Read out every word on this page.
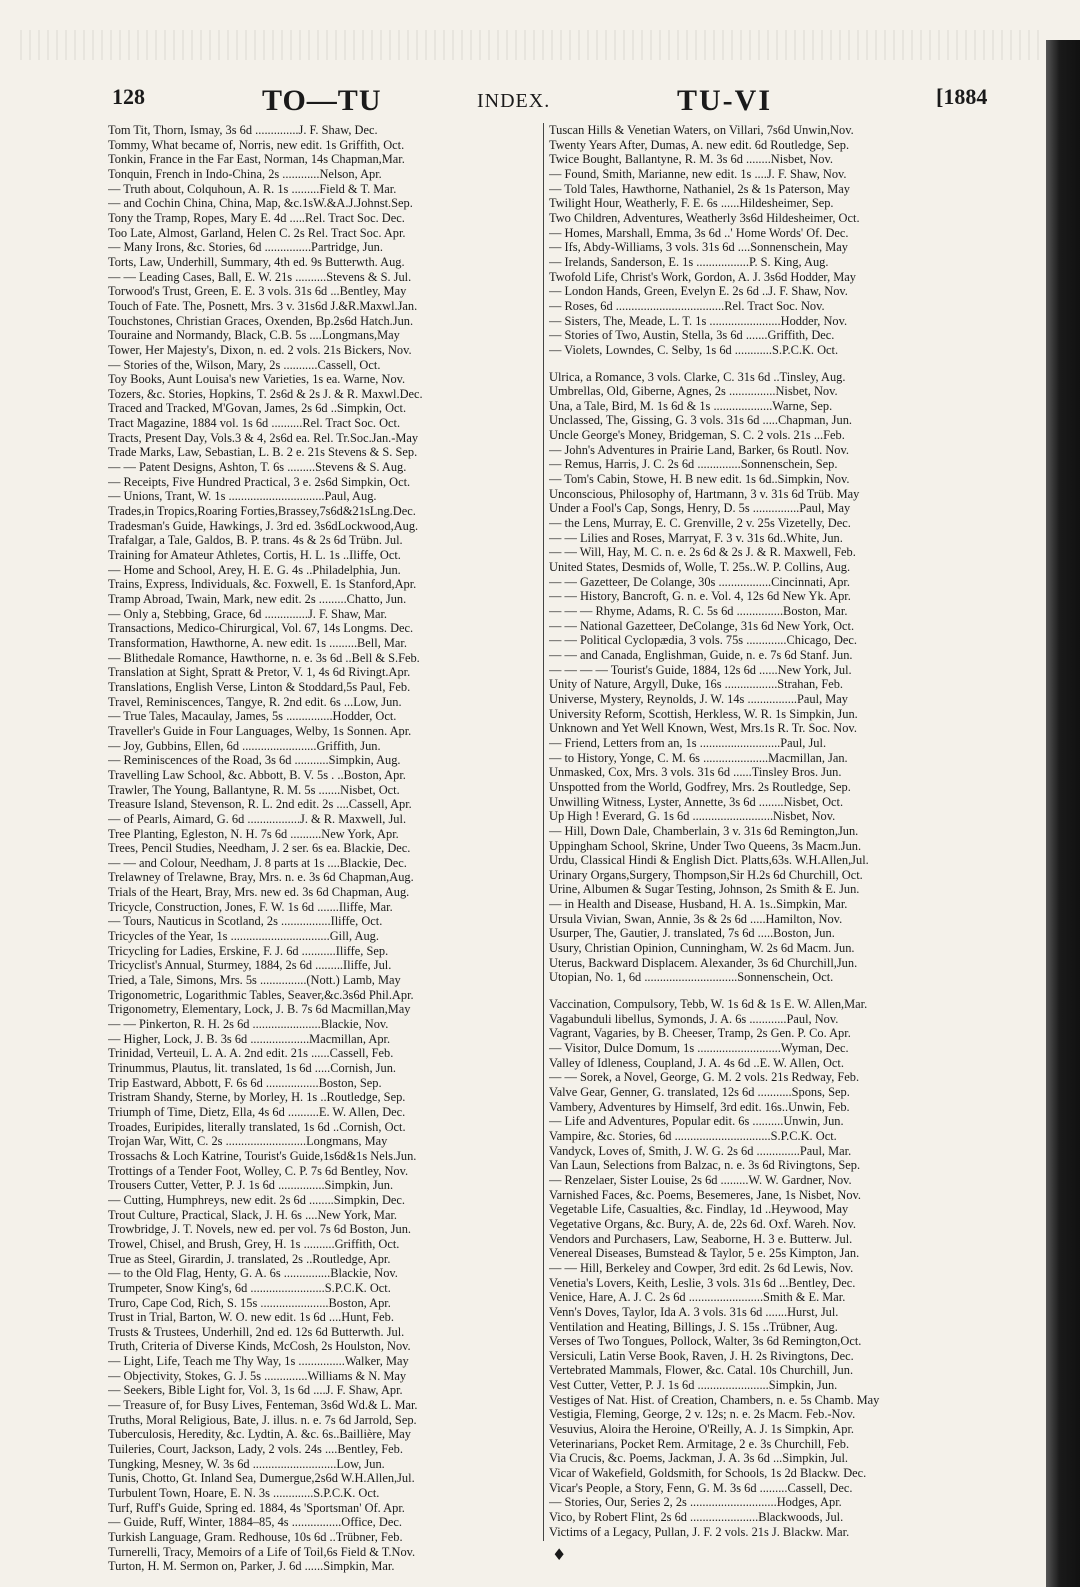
128	TO—TU	INDEX.	TU-VI	[1884
Tom Tit, Thorn, Ismay, 3s 6d ..............J. F. Shaw, Dec.
Tommy, What became of, Norris, new edit. 1s Griffith, Oct.
Tonkin, France in the Far East, Norman, 14s Chapman,Mar.
Tonquin, French in Indo-China, 2s ............Nelson, Apr.
— Truth about, Colquhoun, A. R. 1s .........Field & T. Mar.
— and Cochin China, China, Map, &c.1sW.&A.J.Johnst.Sep.
Tony the Tramp, Ropes, Mary E. 4d .....Rel. Tract Soc. Dec.
Too Late, Almost, Garland, Helen C. 2s Rel. Tract Soc. Apr.
— Many Irons, &c. Stories, 6d ...............Partridge, Jun.
Torts, Law, Underhill, Summary, 4th ed. 9s Butterwth. Aug.
— — Leading Cases, Ball, E. W. 21s ..........Stevens & S. Jul.
Torwood's Trust, Green, E. E. 3 vols. 31s 6d ...Bentley, May
Touch of Fate. The, Posnett, Mrs. 3 v. 31s6d J.&R.Maxwl.Jan.
Touchstones, Christian Graces, Oxenden, Bp.2s6d Hatch.Jun.
Touraine and Normandy, Black, C.B. 5s ....Longmans,May
Tower, Her Majesty's, Dixon, n. ed. 2 vols. 21s Bickers, Nov.
— Stories of the, Wilson, Mary, 2s ...........Cassell, Oct.
Toy Books, Aunt Louisa's new Varieties, 1s ea. Warne, Nov.
Tozers, &c. Stories, Hopkins, T. 2s6d & 2s J. & R. Maxwl.Dec.
Traced and Tracked, M'Govan, James, 2s 6d ..Simpkin, Oct.
Tract Magazine, 1884 vol. 1s 6d ..........Rel. Tract Soc. Oct.
Tracts, Present Day, Vols.3 & 4, 2s6d ea. Rel. Tr.Soc.Jan.-May
Trade Marks, Law, Sebastian, L. B. 2 e. 21s Stevens & S. Sep.
— — Patent Designs, Ashton, T. 6s .........Stevens & S. Aug.
— Receipts, Five Hundred Practical, 3 e. 2s6d Simpkin, Oct.
— Unions, Trant, W. 1s ...............................Paul, Aug.
Trades,in Tropics,Roaring Forties,Brassey,7s6d&21sLng.Dec.
Tradesman's Guide, Hawkings, J. 3rd ed. 3s6dLockwood,Aug.
Trafalgar, a Tale, Galdos, B. P. trans. 4s & 2s 6d Trübn. Jul.
Training for Amateur Athletes, Cortis, H. L. 1s ..Iliffe, Oct.
— Home and School, Arey, H. E. G. 4s ..Philadelphia, Jun.
Trains, Express, Individuals, &c. Foxwell, E. 1s Stanford,Apr.
Tramp Abroad, Twain, Mark, new edit. 2s .........Chatto, Jun.
— Only a, Stebbing, Grace, 6d ..............J. F. Shaw, Mar.
Transactions, Medico-Chirurgical, Vol. 67, 14s Longms. Dec.
Transformation, Hawthorne, A. new edit. 1s .........Bell, Mar.
— Blithedale Romance, Hawthorne, n. e. 3s 6d ..Bell & S.Feb.
Translation at Sight, Spratt & Pretor, V. 1, 4s 6d Rivingt.Apr.
Translations, English Verse, Linton & Stoddard,5s Paul, Feb.
Travel, Reminiscences, Tangye, R. 2nd edit. 6s ...Low, Jun.
— True Tales, Macaulay, James, 5s ...............Hodder, Oct.
Traveller's Guide in Four Languages, Welby, 1s Sonnen. Apr.
— Joy, Gubbins, Ellen, 6d ........................Griffith, Jun.
— Reminiscences of the Road, 3s 6d ...........Simpkin, Aug.
Travelling Law School, &c. Abbott, B. V. 5s . ..Boston, Apr.
Trawler, The Young, Ballantyne, R. M. 5s .......Nisbet, Oct.
Treasure Island, Stevenson, R. L. 2nd edit. 2s ....Cassell, Apr.
— of Pearls, Aimard, G. 6d .................J. & R. Maxwell, Jul.
Tree Planting, Egleston, N. H. 7s 6d ..........New York, Apr.
Trees, Pencil Studies, Needham, J. 2 ser. 6s ea. Blackie, Dec.
— — and Colour, Needham, J. 8 parts at 1s ....Blackie, Dec.
Trelawney of Trelawne, Bray, Mrs. n. e. 3s 6d Chapman,Aug.
Trials of the Heart, Bray, Mrs. new ed. 3s 6d Chapman, Aug.
Tricycle, Construction, Jones, F. W. 1s 6d .......Iliffe, Mar.
— Tours, Nauticus in Scotland, 2s ................Iliffe, Oct.
Tricycles of the Year, 1s ................................Gill, Aug.
Tricycling for Ladies, Erskine, F. J. 6d ...........Iliffe, Sep.
Tricyclist's Annual, Sturmey, 1884, 2s 6d .........Iliffe, Jul.
Tried, a Tale, Simons, Mrs. 5s ...............(Nott.) Lamb, May
Trigonometric, Logarithmic Tables, Seaver,&c.3s6d Phil.Apr.
Trigonometry, Elementary, Lock, J. B. 7s 6d Macmillan,May
— — Pinkerton, R. H. 2s 6d ......................Blackie, Nov.
— Higher, Lock, J. B. 3s 6d ...................Macmillan, Apr.
Trinidad, Verteuil, L. A. A. 2nd edit. 21s ......Cassell, Feb.
Trinummus, Plautus, lit. translated, 1s 6d .....Cornish, Jun.
Trip Eastward, Abbott, F. 6s 6d .................Boston, Sep.
Tristram Shandy, Sterne, by Morley, H. 1s ..Routledge, Sep.
Triumph of Time, Dietz, Ella, 4s 6d ..........E. W. Allen, Dec.
Troades, Euripides, literally translated, 1s 6d ..Cornish, Oct.
Trojan War, Witt, C. 2s ..........................Longmans, May
Trossachs & Loch Katrine, Tourist's Guide,1s6d&1s Nels.Jun.
Trottings of a Tender Foot, Wolley, C. P. 7s 6d Bentley, Nov.
Trousers Cutter, Vetter, P. J. 1s 6d ...............Simpkin, Jun.
— Cutting, Humphreys, new edit. 2s 6d ........Simpkin, Dec.
Trout Culture, Practical, Slack, J. H. 6s ....New York, Mar.
Trowbridge, J. T. Novels, new ed. per vol. 7s 6d Boston, Jun.
Trowel, Chisel, and Brush, Grey, H. 1s ..........Griffith, Oct.
True as Steel, Girardin, J. translated, 2s ..Routledge, Apr.
— to the Old Flag, Henty, G. A. 6s ...............Blackie, Nov.
Trumpeter, Snow King's, 6d ........................S.P.C.K. Oct.
Truro, Cape Cod, Rich, S. 15s ......................Boston, Apr.
Trust in Trial, Barton, W. O. new edit. 1s 6d ....Hunt, Feb.
Trusts & Trustees, Underhill, 2nd ed. 12s 6d Butterwth. Jul.
Truth, Criteria of Diverse Kinds, McCosh, 2s Houlston, Nov.
— Light, Life, Teach me Thy Way, 1s ...............Walker, May
— Objectivity, Stokes, G. J. 5s ..............Williams & N. May
— Seekers, Bible Light for, Vol. 3, 1s 6d ....J. F. Shaw, Apr.
— Treasure of, for Busy Lives, Fenteman, 3s6d Wd.& L. Mar.
Truths, Moral Religious, Bate, J. illus. n. e. 7s 6d Jarrold, Sep.
Tuberculosis, Heredity, &c. Lydtin, A. &c. 6s..Baillière, May
Tuileries, Court, Jackson, Lady, 2 vols. 24s ....Bentley, Feb.
Tungking, Mesney, W. 3s 6d ...........................Low, Jun.
Tunis, Chotto, Gt. Inland Sea, Dumergue,2s6d W.H.Allen,Jul.
Turbulent Town, Hoare, E. N. 3s .............S.P.C.K. Oct.
Turf, Ruff's Guide, Spring ed. 1884, 4s 'Sportsman' Of. Apr.
— Guide, Ruff, Winter, 1884–85, 4s ................Office, Dec.
Turkish Language, Gram. Redhouse, 10s 6d ..Trübner, Feb.
Turnerelli, Tracy, Memoirs of a Life of Toil,6s Field & T.Nov.
Turton, H. M. Sermon on, Parker, J. 6d ......Simpkin, Mar.
Tuscan Hills & Venetian Waters, on Villari, 7s6d Unwin,Nov.
Twenty Years After, Dumas, A. new edit. 6d Routledge, Sep.
Twice Bought, Ballantyne, R. M. 3s 6d ........Nisbet, Nov.
— Found, Smith, Marianne, new edit. 1s ....J. F. Shaw, Nov.
— Told Tales, Hawthorne, Nathaniel, 2s & 1s Paterson, May
Twilight Hour, Weatherly, F. E. 6s ......Hildesheimer, Sep.
Two Children, Adventures, Weatherly 3s6d Hildesheimer, Oct.
— Homes, Marshall, Emma, 3s 6d ..' Home Words' Of. Dec.
— Ifs, Abdy-Williams, 3 vols. 31s 6d ....Sonnenschein, May
— Irelands, Sanderson, E. 1s .................P. S. King, Aug.
Twofold Life, Christ's Work, Gordon, A. J. 3s6d Hodder, May
— London Hands, Green, Evelyn E. 2s 6d ..J. F. Shaw, Nov.
— Roses, 6d ...................................Rel. Tract Soc. Nov.
— Sisters, The, Meade, L. T. 1s .......................Hodder, Nov.
— Stories of Two, Austin, Stella, 3s 6d .......Griffith, Dec.
— Violets, Lowndes, C. Selby, 1s 6d ............S.P.C.K. Oct.
Ulrica, a Romance, 3 vols. Clarke, C. 31s 6d ..Tinsley, Aug.
Umbrellas, Old, Giberne, Agnes, 2s ...............Nisbet, Nov.
Una, a Tale, Bird, M. 1s 6d & 1s ...................Warne, Sep.
Unclassed, The, Gissing, G. 3 vols. 31s 6d .....Chapman, Jun.
Uncle George's Money, Bridgeman, S. C. 2 vols. 21s ...Feb.
— John's Adventures in Prairie Land, Barker, 6s Routl. Nov.
— Remus, Harris, J. C. 2s 6d ..............Sonnenschein, Sep.
— Tom's Cabin, Stowe, H. B new edit. 1s 6d..Simpkin, Nov.
Unconscious, Philosophy of, Hartmann, 3 v. 31s 6d Trüb. May
Under a Fool's Cap, Songs, Henry, D. 5s ...............Paul, May
— the Lens, Murray, E. C. Grenville, 2 v. 25s Vizetelly, Dec.
— — Lilies and Roses, Marryat, F. 3 v. 31s 6d..White, Jun.
— — Will, Hay, M. C. n. e. 2s 6d & 2s J. & R. Maxwell, Feb.
United States, Desmids of, Wolle, T. 25s..W. P. Collins, Aug.
— — Gazetteer, De Colange, 30s .................Cincinnati, Apr.
— — History, Bancroft, G. n. e. Vol. 4, 12s 6d New Yk. Apr.
— — — Rhyme, Adams, R. C. 5s 6d ...............Boston, Mar.
— — National Gazetteer, DeColange, 31s 6d New York, Oct.
— — Political Cyclopædia, 3 vols. 75s .............Chicago, Dec.
— — and Canada, Englishman, Guide, n. e. 7s 6d Stanf. Jun.
— — — — Tourist's Guide, 1884, 12s 6d ......New York, Jul.
Unity of Nature, Argyll, Duke, 16s .................Strahan, Feb.
Universe, Mystery, Reynolds, J. W. 14s ................Paul, May
University Reform, Scottish, Herkless, W. R. 1s Simpkin, Jun.
Unknown and Yet Well Known, West, Mrs.1s R. Tr. Soc. Nov.
— Friend, Letters from an, 1s ..........................Paul, Jul.
— to History, Yonge, C. M. 6s .....................Macmillan, Jan.
Unmasked, Cox, Mrs. 3 vols. 31s 6d ......Tinsley Bros. Jun.
Unspotted from the World, Godfrey, Mrs. 2s Routledge, Sep.
Unwilling Witness, Lyster, Annette, 3s 6d ........Nisbet, Oct.
Up High ! Everard, G. 1s 6d ..........................Nisbet, Nov.
— Hill, Down Dale, Chamberlain, 3 v. 31s 6d Remington,Jun.
Uppingham School, Skrine, Under Two Queens, 3s Macm.Jun.
Urdu, Classical Hindi & English Dict. Platts,63s. W.H.Allen,Jul.
Urinary Organs,Surgery, Thompson,Sir H.2s 6d Churchill, Oct.
Urine, Albumen & Sugar Testing, Johnson, 2s Smith & E. Jun.
— in Health and Disease, Husband, H. A. 1s..Simpkin, Mar.
Ursula Vivian, Swan, Annie, 3s & 2s 6d .....Hamilton, Nov.
Usurper, The, Gautier, J. translated, 7s 6d .....Boston, Jun.
Usury, Christian Opinion, Cunningham, W. 2s 6d Macm. Jun.
Uterus, Backward Displacem. Alexander, 3s 6d Churchill,Jun.
Utopian, No. 1, 6d ..............................Sonnenschein, Oct.
Vaccination, Compulsory, Tebb, W. 1s 6d & 1s E. W. Allen,Mar.
Vagabunduli libellus, Symonds, J. A. 6s ............Paul, Nov.
Vagrant, Vagaries, by B. Cheeser, Tramp, 2s Gen. P. Co. Apr.
— Visitor, Dulce Domum, 1s ...........................Wyman, Dec.
Valley of Idleness, Coupland, J. A. 4s 6d ..E. W. Allen, Oct.
— — Sorek, a Novel, George, G. M. 2 vols. 21s Redway, Feb.
Valve Gear, Genner, G. translated, 12s 6d ...........Spons, Sep.
Vambery, Adventures by Himself, 3rd edit. 16s..Unwin, Feb.
— Life and Adventures, Popular edit. 6s ..........Unwin, Jun.
Vampire, &c. Stories, 6d ...............................S.P.C.K. Oct.
Vandyck, Loves of, Smith, J. W. G. 2s 6d ..............Paul, Mar.
Van Laun, Selections from Balzac, n. e. 3s 6d Rivingtons, Sep.
— Renzelaer, Sister Louise, 2s 6d .........W. W. Gardner, Nov.
Varnished Faces, &c. Poems, Besemeres, Jane, 1s Nisbet, Nov.
Vegetable Life, Casualties, &c. Findlay, 1d ..Heywood, May
Vegetative Organs, &c. Bury, A. de, 22s 6d. Oxf. Wareh. Nov.
Vendors and Purchasers, Law, Seaborne, H. 3 e. Butterw. Jul.
Venereal Diseases, Bumstead & Taylor, 5 e. 25s Kimpton, Jan.
— — Hill, Berkeley and Cowper, 3rd edit. 2s 6d Lewis, Nov.
Venetia's Lovers, Keith, Leslie, 3 vols. 31s 6d ...Bentley, Dec.
Venice, Hare, A. J. C. 2s 6d ........................Smith & E. Mar.
Venn's Doves, Taylor, Ida A. 3 vols. 31s 6d .......Hurst, Jul.
Ventilation and Heating, Billings, J. S. 15s ..Trübner, Aug.
Verses of Two Tongues, Pollock, Walter, 3s 6d Remington,Oct.
Versiculi, Latin Verse Book, Raven, J. H. 2s Rivingtons, Dec.
Vertebrated Mammals, Flower, &c. Catal. 10s Churchill, Jun.
Vest Cutter, Vetter, P. J. 1s 6d .......................Simpkin, Jun.
Vestiges of Nat. Hist. of Creation, Chambers, n. e. 5s Chamb. May
Vestigia, Fleming, George, 2 v. 12s; n. e. 2s Macm. Feb.-Nov.
Vesuvius, Aloira the Heroine, O'Reilly, A. J. 1s Simpkin, Apr.
Veterinarians, Pocket Rem. Armitage, 2 e. 3s Churchill, Feb.
Via Crucis, &c. Poems, Jackman, J. A. 3s 6d ...Simpkin, Jul.
Vicar of Wakefield, Goldsmith, for Schools, 1s 2d Blackw. Dec.
Vicar's People, a Story, Fenn, G. M. 3s 6d .........Cassell, Dec.
— Stories, Our, Series 2, 2s ............................Hodges, Apr.
Vico, by Robert Flint, 2s 6d ......................Blackwoods, Jul.
Victims of a Legacy, Pullan, J. F. 2 vols. 21s J. Blackw. Mar.
♦
